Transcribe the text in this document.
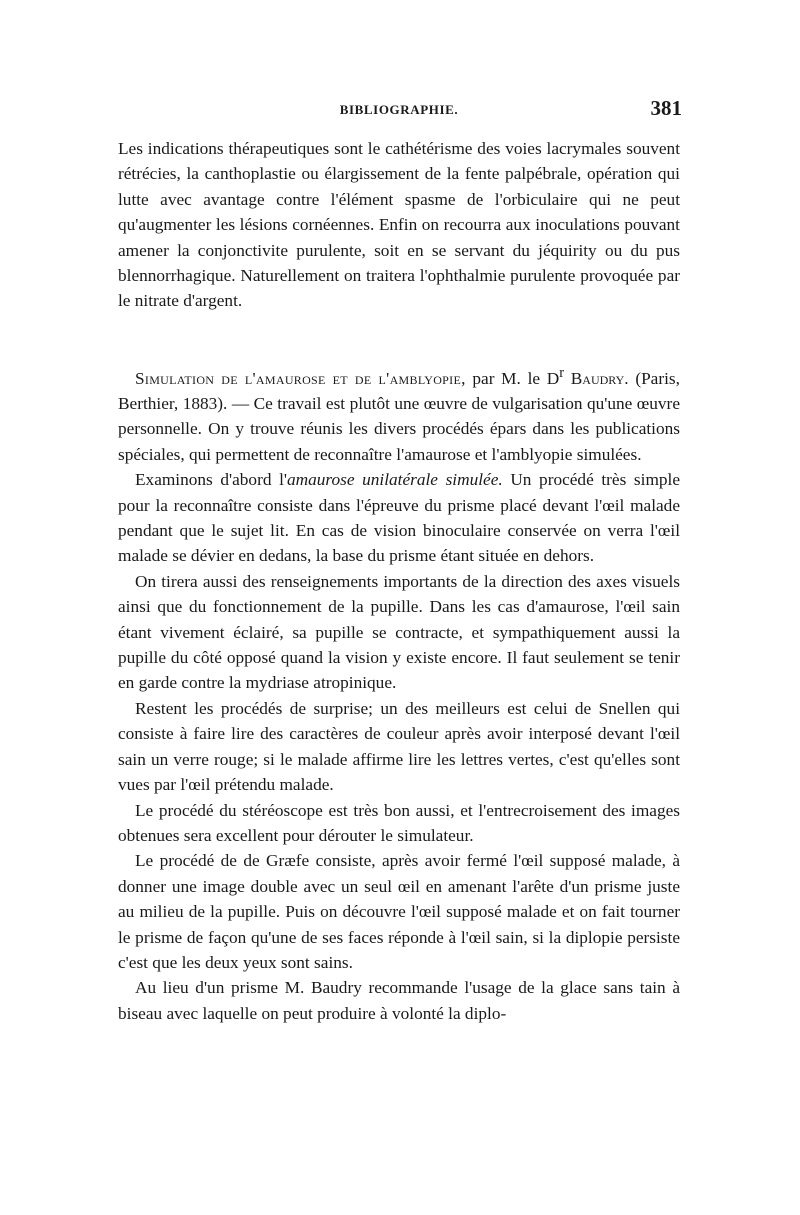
BIBLIOGRAPHIE.	381

Les indications thérapeutiques sont le cathétérisme des voies lacrymales souvent rétrécies, la canthoplastie ou élargissement de la fente palpébrale, opération qui lutte avec avantage contre l'élément spasme de l'orbiculaire qui ne peut qu'augmenter les lésions cornéennes. Enfin on recourra aux inoculations pouvant amener la conjonctivite purulente, soit en se servant du jéquirity ou du pus blennorrhagique. Naturellement on traitera l'ophthalmie purulente provoquée par le nitrate d'argent.

Simulation de l'amaurose et de l'amblyopie, par M. le $D^r$ Baudry. (Paris, Berthier, 1883). — Ce travail est plutôt une œuvre de vulgarisation qu'une œuvre personnelle. On y trouve réunis les divers procédés épars dans les publications spéciales, qui permettent de reconnaître l'amaurose et l'amblyopie simulées.

Examinons d'abord l'amaurose unilatérale simulée. Un procédé très simple pour la reconnaître consiste dans l'épreuve du prisme placé devant l'œil malade pendant que le sujet lit. En cas de vision binoculaire conservée on verra l'œil malade se dévier en dedans, la base du prisme étant située en dehors.

On tirera aussi des renseignements importants de la direction des axes visuels ainsi que du fonctionnement de la pupille. Dans les cas d'amaurose, l'œil sain étant vivement éclairé, sa pupille se contracte, et sympathiquement aussi la pupille du côté opposé quand la vision y existe encore. Il faut seulement se tenir en garde contre la mydriase atropinique.

Restent les procédés de surprise; un des meilleurs est celui de Snellen qui consiste à faire lire des caractères de couleur après avoir interposé devant l'œil sain un verre rouge; si le malade affirme lire les lettres vertes, c'est qu'elles sont vues par l'œil prétendu malade.

Le procédé du stéréoscope est très bon aussi, et l'entrecroisement des images obtenues sera excellent pour dérouter le simulateur.

Le procédé de de Græfe consiste, après avoir fermé l'œil supposé malade, à donner une image double avec un seul œil en amenant l'arête d'un prisme juste au milieu de la pupille. Puis on découvre l'œil supposé malade et on fait tourner le prisme de façon qu'une de ses faces réponde à l'œil sain, si la diplopie persiste c'est que les deux yeux sont sains.

Au lieu d'un prisme M. Baudry recommande l'usage de la glace sans tain à biseau avec laquelle on peut produire à volonté la diplo-
